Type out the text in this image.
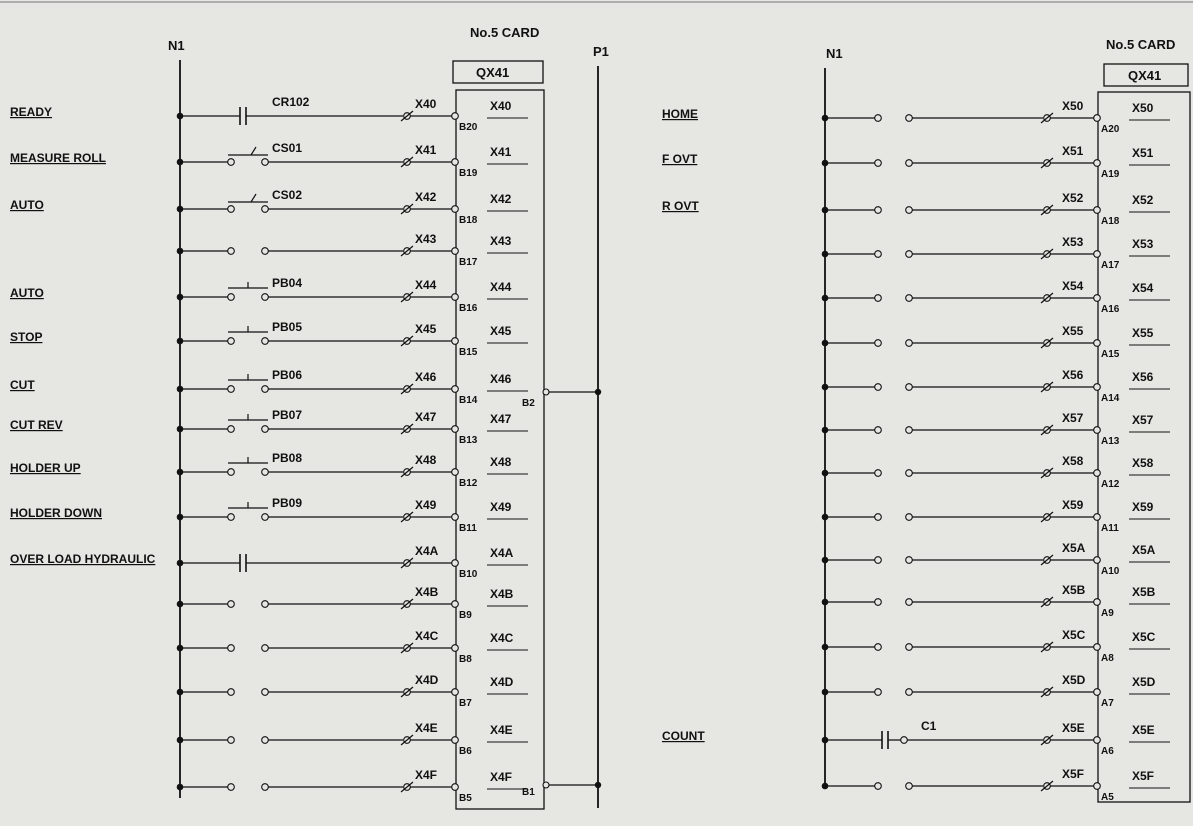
N1
No.5 CARD
QX41
P1
B2
B1
N1
No.5 CARD
QX41
CR102	X40
B20
X40
READY
CS01	X41
B19
X41
MEASURE ROLL
CS02	X42
B18
X42
AUTO
X43
B17
X43
PB04	X44
B16
X44
AUTO
PB05	X45
B15
X45
STOP
PB06	X46
B14
X46
CUT
PB07	X47
B13
X47
CUT REV
PB08	X48
B12
X48
HOLDER UP
PB09	X49
B11
X49
HOLDER DOWN
X4A
B10
X4A
OVER LOAD HYDRAULIC
X4B
B9
X4B
X4C
B8
X4C
X4D
B7
X4D
X4E
B6
X4E
X4F
B5
X4F
X50
A20
X50
HOME
X51
A19
X51
F OVT
X52
A18
X52
R OVT
X53
A17
X53
X54
A16
X54
X55
A15
X55
X56
A14
X56
X57
A13
X57
X58
A12
X58
X59
A11
X59
X5A
A10
X5A
X5B
A9
X5B
X5C
A8
X5C
X5D
A7
X5D
C1	X5E
A6
X5E
COUNT
X5F
A5
X5F
